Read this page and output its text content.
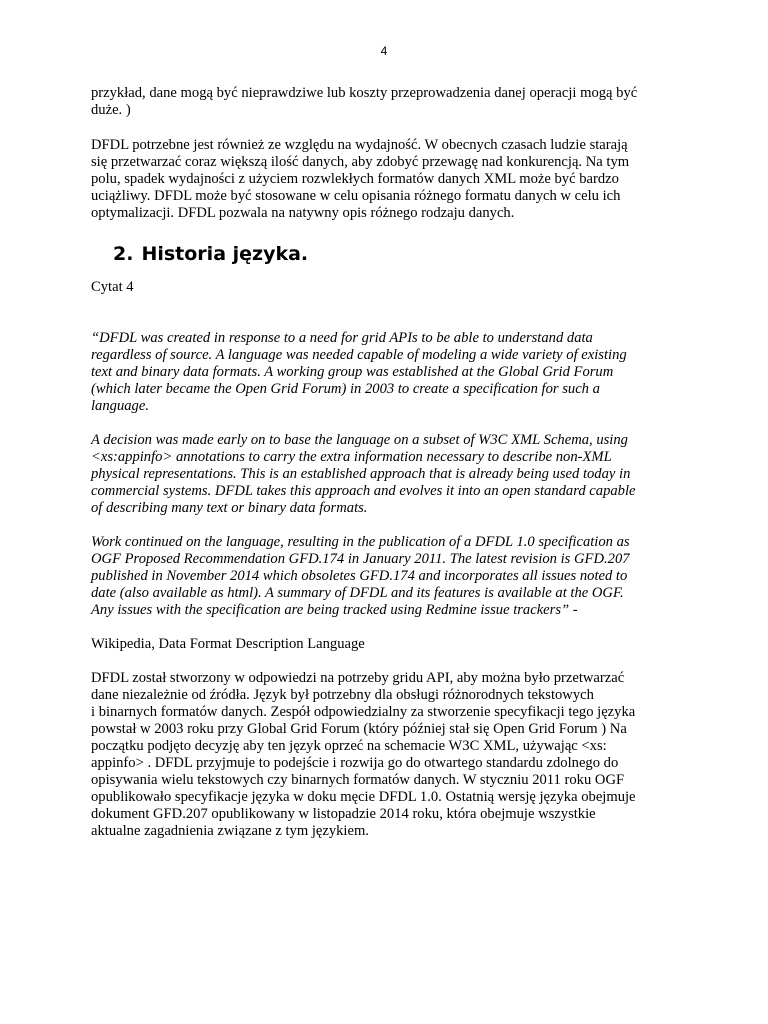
4

przykład, dane mogą być nieprawdziwe lub koszty przeprowadzenia danej operacji mogą być
duże. )

DFDL potrzebne jest również ze względu na wydajność. W obecnych czasach ludzie starają
się przetwarzać coraz większą ilość danych, aby zdobyć przewagę nad konkurencją. Na tym
polu, spadek wydajności z użyciem rozwlekłych formatów danych XML może być bardzo
uciążliwy. DFDL może być stosowane w celu opisania różnego formatu danych w celu ich
optymalizacji. DFDL pozwala na natywny opis różnego rodzaju danych.

2. Historia języka.

Cytat 4

“DFDL was created in response to a need for grid APIs to be able to understand data
regardless of source. A language was needed capable of modeling a wide variety of existing
text and binary data formats. A working group was established at the Global Grid Forum
(which later became the Open Grid Forum) in 2003 to create a specification for such a
language.

A decision was made early on to base the language on a subset of W3C XML Schema, using
<xs:appinfo> annotations to carry the extra information necessary to describe non-XML
physical representations. This is an established approach that is already being used today in
commercial systems. DFDL takes this approach and evolves it into an open standard capable
of describing many text or binary data formats.

Work continued on the language, resulting in the publication of a DFDL 1.0 specification as
OGF Proposed Recommendation GFD.174 in January 2011. The latest revision is GFD.207
published in November 2014 which obsoletes GFD.174 and incorporates all issues noted to
date (also available as html). A summary of DFDL and its features is available at the OGF.
Any issues with the specification are being tracked using Redmine issue trackers” -

Wikipedia, Data Format Description Language

DFDL został stworzony w odpowiedzi na potrzeby gridu API, aby można było przetwarzać
dane niezależnie od źródła. Język był potrzebny dla obsługi różnorodnych tekstowych
i binarnych formatów danych. Zespół odpowiedzialny za stworzenie specyfikacji tego języka
powstał w 2003 roku przy Global Grid Forum (który później stał się Open Grid Forum ) Na
początku podjęto decyzję aby ten język oprzeć na schemacie W3C XML, używając <xs:
appinfo> . DFDL przyjmuje to podejście i rozwija go do otwartego standardu zdolnego do
opisywania wielu tekstowych czy binarnych formatów danych. W styczniu 2011 roku OGF
opublikowało specyfikacje języka w doku męcie DFDL 1.0. Ostatnią wersję języka obejmuje
dokument GFD.207 opublikowany w listopadzie 2014 roku, która obejmuje wszystkie
aktualne zagadnienia związane z tym językiem.
